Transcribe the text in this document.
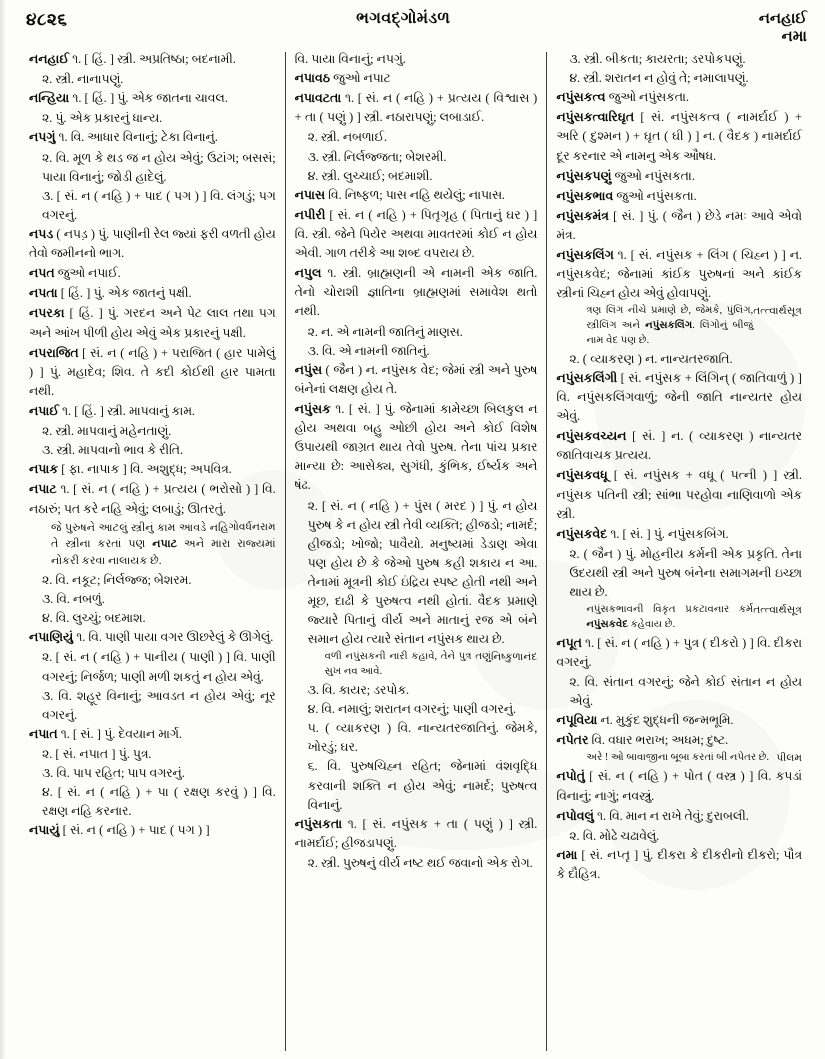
૪૮૨૬	ભગવદ્ગોમંડળ	નનહાઈ
નમા

નનહાઈ ૧. [ હિં. ] સ્ત્રી. અપ્રતિષ્ઠા; બદનામી.

૨. સ્ત્રી. નાનાપણું.

નન્હિયા ૧. [ હિં. ] પું. એક જાતના ચાવલ.

૨. પું. એક પ્રકારનું ધાન્ય.

નપગું ૧. વિ. આધાર વિનાનું; ટેકા વિનાનું.

૨. વિ. મૂળ કે થડ જ ન હોય એવું; ઉટાંગ; બસસં; પાયા વિનાનું; જોડી હાદેલું.

૩. [ સં. ન ( નહિ ) + પાદ ( પગ ) ] વિ. લંગડું; પગ વગરનું.

નપડ ( નપડ઼ ) પું. પાણીની રેલ જ્યાં ફરી વળતી હોય તેવો જમીનનો ભાગ.

નપત જુઓ નપાઈ.

નપતા [ હિં. ] પું. એક જાતનું પક્ષી.

નપરકા [ હિં. ] પું. ગરદન અને પેટ લાલ તથા પગ અને આંખ પીળી હોય એવું એક પ્રકારનું પક્ષી.

નપરાજિત [ સં. ન ( નહિ ) + પરાજિત ( હાર પામેલું ) ] પું. મહાદેવ; શિવ. તે કદી કોઈથી હાર પામતા નથી.

નપાઈ ૧. [ હિં. ] સ્ત્રી. માપવાનું કામ.

૨. સ્ત્રી. માપવાનું મહેનતાણું.

૩. સ્ત્રી. માપવાનો ભાવ કે રીતિ.

નપાક [ ફા. નાપાક ] વિ. અશુદ્ધ; અપવિત્ર.

નપાટ ૧. [ સં. ન ( નહિ ) + પ્રત્યય ( ભરોસો ) ] વિ. નઠારું; પત કરે નહિ એવું; લબાડું; ઊતરતું.

ગોવર્ધનરામ
જે પુરુષને આટલું સ્ત્રીનું કામ આવડે નહિ તે સ્ત્રીના કરતાં પણ નપાટ અને મારા રાજ્યમાં નોકરી કરવા નાલાયક છે.

૨. વિ. નકૂટ; નિર્લજ્જ; બેશરમ.

૩. વિ. નબળું.

૪. વિ. લુચ્ચું; બદમાશ.

નપાણિયું ૧. વિ. પાણી પાયા વગર ઊછરેલું કે ઊગેલું.

૨. [ સં. ન ( નહિ ) + પાનીય ( પાણી ) ] વિ. પાણી વગરનું; નિર્જળ; પાણી મળી શકતું ન હોય એવું.

૩. વિ. શહૂર વિનાનું; આવડત ન હોય એવું; નૂર વગરનું.

નપાત ૧. [ સં. ] પું. દેવયાન માર્ગ.

૨. [ સં. નપાત ] પું. પુત્ર.

૩. વિ. પાપ રહિત; પાપ વગરનું.

૪. [ સં. ન ( નહિ ) + પા ( રક્ષણ કરવું ) ] વિ. રક્ષણ નહિ કરનાર.

નપાયું [ સં. ન ( નહિ ) + પાદ ( પગ ) ]

વિ. પાયા વિનાનું; નપગું.

નપાવઠ જુઓ નપાટ

નપાવટતા ૧. [ સં. ન ( નહિ ) + પ્રત્યય ( વિશ્વાસ ) + તા ( પણું ) ] સ્ત્રી. નઠારાપણું; લબાડાઈ.

૨. સ્ત્રી. નબળાઈ.

૩. સ્ત્રી. નિર્લજ્જતા; બેશરમી.

૪. સ્ત્રી. લુચ્ચાઈ; બદમાશી.

નપાસ વિ. નિષ્ફળ; પાસ નહિ થયેલું; નાપાસ.

નપીરી [ સં. ન ( નહિ ) + પિતૃગૃહ ( પિતાનું ઘર ) ] વિ. સ્ત્રી. જેને પિયેર અથવા માવતરમાં કોઈ ન હોય એવી. ગાળ તરીકે આ શબ્દ વપરાય છે.

નપુલ ૧. સ્ત્રી. બ્રાહ્મણની એ નામની એક જાતિ. તેનો ચોરાશી જ્ઞાતિના બ્રાહ્મણમાં સમાવેશ થતો નથી.

૨. ન. એ નામની જાતિનું માણસ.

૩. વિ. એ નામની જાતિનું.

નપુંસ ( જૈન ) ન. નપુંસક વેદ; જેમાં સ્ત્રી અને પુરુષ બંનેનાં લક્ષણ હોય તે.

નપુંસક ૧. [ સં. ] પું. જેનામાં કામેચ્છા બિલકુલ ન હોય અથવા બહુ ઓછી હોય અને કોઈ વિશેષ ઉપાયથી જાગ્રત થાય તેવો પુરુષ. તેના પાંચ પ્રકાર માન્યા છે: આસેક્ય, સુગંધી, કુંભિક, ઈર્ષ્યક અને ષંઢ.

૨. [ સં. ન ( નહિ ) + પુંસ ( મરદ ) ] પું. ન હોય પુરુષ કે ન હોય સ્ત્રી તેવી વ્યક્તિ; હીજડો; નામર્દ; હીજડો; ખોજો; પાવૈયો. મનુષ્યમાં ડેડાણ એવા પણ હોય છે કે જેઓ પુરુષ કહી શકાય ન આ. તેનામાં મૂત્રની કોઈ ઇંદ્રિય સ્પષ્ટ હોતી નથી અને મૂછ, દાઢી કે પુરુષત્વ નથી હોતાં. વૈદક પ્રમાણે જ્યારે પિતાનું વીર્ય અને માતાનું રજ એ બંને સમાન હોય ત્યારે સંતાન નપુંસક થાય છે.

નિષ્કુળાનંદ
વળી નપુંસકની નારી કહાવે, તેને પુત્ર તણું સુખ નવ આવે.

૩. વિ. કાયર; ડરપોક.

૪. વિ. નમાલું; શરાતન વગરનું; પાણી વગરનું.

૫. ( વ્યાકરણ ) વિ. નાન્યતરજાતિનું. જેમકે, ખોરડું; ઘર.

૬. વિ. પુરુષચિહ્ન રહિત; જેનામાં વંશવૃદ્ધિ કરવાની શક્તિ ન હોય એવું; નામર્દ; પુરુષત્વ વિનાનું.

નપુંસકતા ૧. [ સં. નપુંસક + તા ( પણું ) ] સ્ત્રી. નામર્દાઈ; હીજડાપણું.

૨. સ્ત્રી. પુરુષનું વીર્ય નષ્ટ થઈ જવાનો એક રોગ.

૩. સ્ત્રી. બીકતા; કાયરતા; ડરપોકપણું.

૪. સ્ત્રી. શરાતન ન હોવું તે; નમાલાપણું.

નપુંસકત્વ જુઓ નપુંસકતા.

નપુંસકત્વારિઘૃત [ સં. નપુંસકત્વ ( નામર્દાઈ ) + અરિ ( દુશ્મન ) + ઘૃત ( ઘી ) ] ન. ( વૈદક ) નામર્દાઈ દૂર કરનાર એ નામનુ એક ઔષધ.

નપુંસકપણું જુઓ નપુંસકતા.

નપુંસકભાવ જુઓ નપુંસકતા.

નપુંસકમંત્ર [ સં. ] પું. ( જૈન ) છેડે નમઃ આવે એવો મંત્ર.

નપુંસકલિંગ ૧. [ સં. નપુંસક + લિંગ ( ચિહ્ન ) ] ન. નપુંસકવેદ; જેનામાં કાંઈક પુરુષનાં અને કાંઈક સ્ત્રીનાં ચિહ્ન હોય એવું હોવાપણું.

તત્ત્વાર્થસૂત્ર
ત્રણ લિંગ નીચે પ્રમાણે છે, જેમકે, પુંલિંગ, સ્ત્રીલિંગ અને નપુંસકલિંગ. લિંગોનું બીજું નામ વેદ પણ છે.

૨. ( વ્યાકરણ ) ન. નાન્યતરજાતિ.

નપુંસકલિંગી [ સં. નપુંસક + લિંગિન્ ( જાતિવાળું ) ] વિ. નપુંસકલિંગવાળું; જેની જાતિ નાન્યતર હોય એવું.

નપુંસકવચ્યન [ સં. ] ન. ( વ્યાકરણ ) નાન્યતર જાતિવાચક પ્રત્યય.

નપુંસકવધૂ [ સં. નપુંસક + વધૂ ( પત્ની ) ] સ્ત્રી. નપુંસક પતિની સ્ત્રી; સાંભા પરહોવા નાણિવાળો એક સ્ત્રી.

નપુંસકવેદ ૧. [ સં. ] પું. નપુંસકબિંગ.

૨. ( જૈન ) પું. મોહનીય કર્મની એક પ્રકૃતિ. તેના ઉદયથી સ્ત્રી અને પુરુષ બંનેના સમાગમની ઇચ્છા થાય છે.

તત્ત્વાર્થસૂત્ર
નપુંસકભાવની વિકૃત પ્રકટાવનાર કર્મ નપુંસકવેદ કહેવાય છે.

નપૂત ૧. [ સં. ન ( નહિ ) + પુત્ર ( દીકરો ) ] વિ. દીકરા વગરનું.

૨. વિ. સંતાન વગરનું; જેને કોઈ સંતાન ન હોય એવું.

નપૂવિયા ન. મુકુંદ શુદ્ધની જન્મભૂમિ.

નપેતર વિ. વધાર ભરાખ; અધમ; દુષ્ટ.

પીલમ
અરે ! ઓ બાવાજીના બૂબા કરતાં બી નપેતર છે.

નપોતું [ સં. ન ( નહિ ) + પોત ( વસ્ત્ર ) ] વિ. કપડાં વિનાનું; નાગું; નવસ્ત્રું.

નપોવલું ૧. વિ. માન ન રાખે તેવું; દુરાબલી.

૨. વિ. મોઢે ચઢાવેલું.

નમા [ સં. નપ્તૃ ] પું. દીકરા કે દીકરીનો દીકરો; પૌત્ર કે દૌહિત્ર.
